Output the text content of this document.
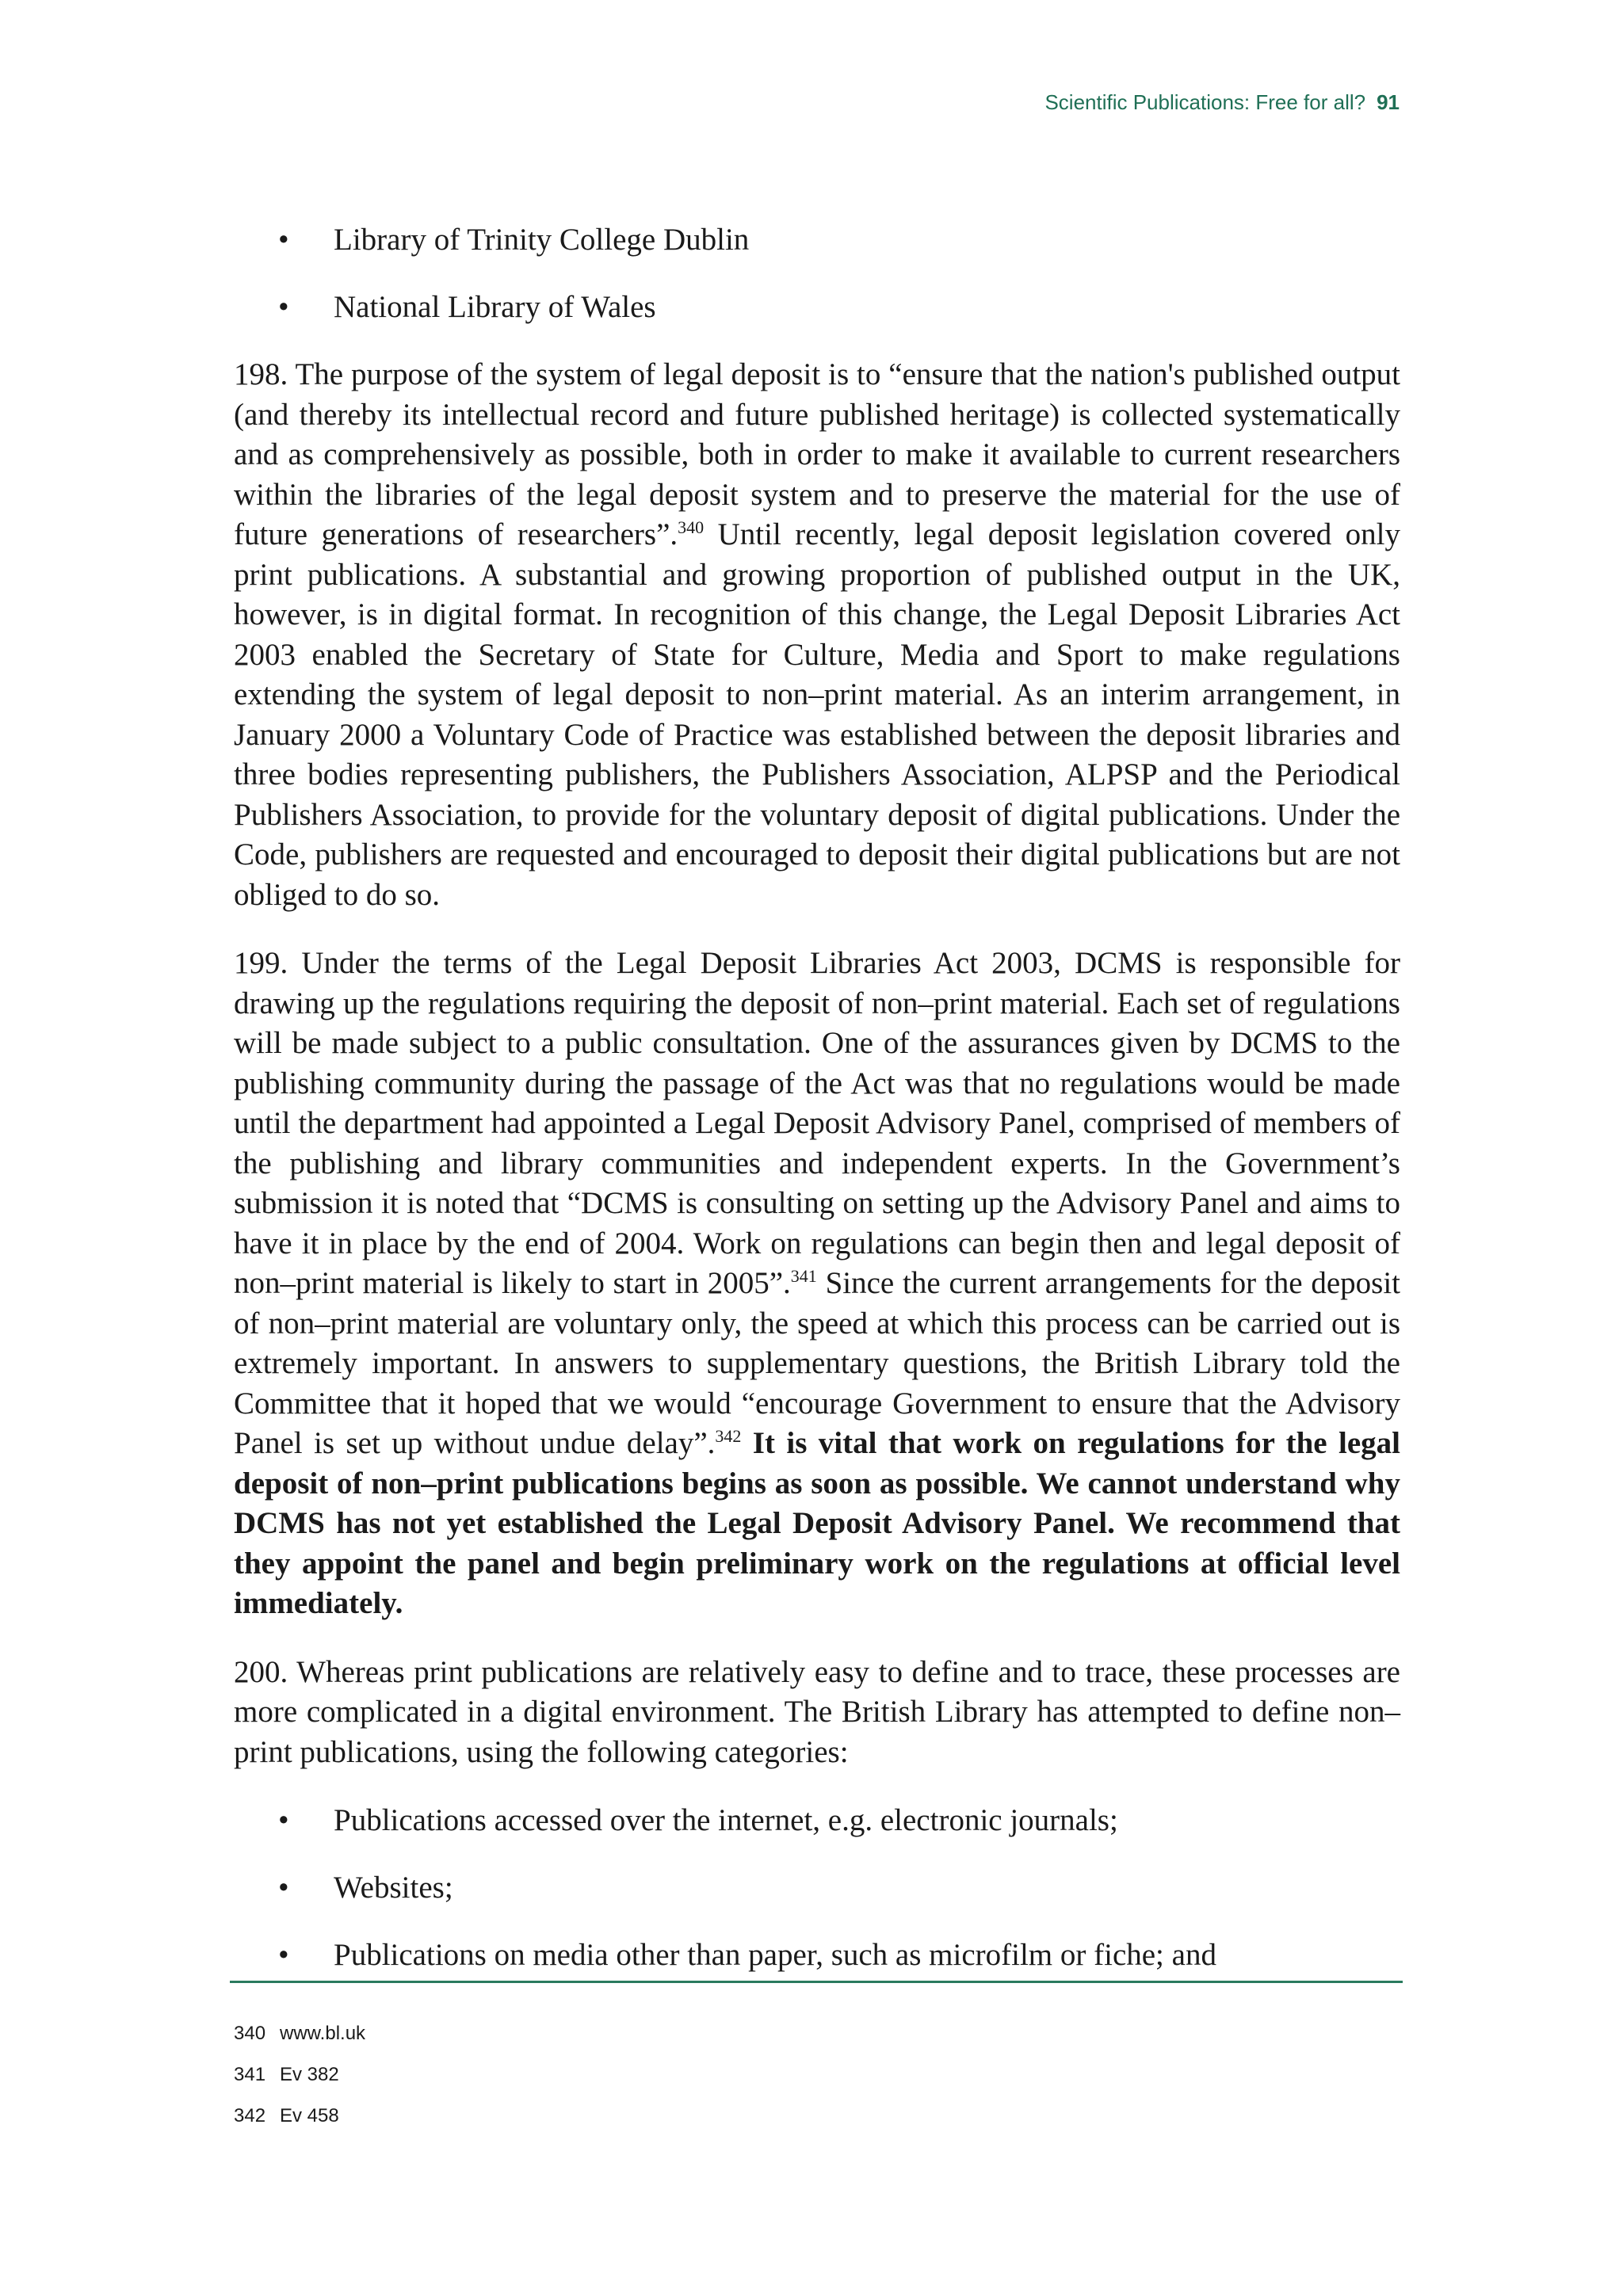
Scientific Publications: Free for all? 91
• Library of Trinity College Dublin
• National Library of Wales

198. The purpose of the system of legal deposit is to “ensure that the nation's published output (and thereby its intellectual record and future published heritage) is collected systematically and as comprehensively as possible, both in order to make it available to current researchers within the libraries of the legal deposit system and to preserve the material for the use of future generations of researchers”.$^{340}$ Until recently, legal deposit legislation covered only print publications. A substantial and growing proportion of published output in the UK, however, is in digital format. In recognition of this change, the Legal Deposit Libraries Act 2003 enabled the Secretary of State for Culture, Media and Sport to make regulations extending the system of legal deposit to non–print material. As an interim arrangement, in January 2000 a Voluntary Code of Practice was established between the deposit libraries and three bodies representing publishers, the Publishers Association, ALPSP and the Periodical Publishers Association, to provide for the voluntary deposit of digital publications. Under the Code, publishers are requested and encouraged to deposit their digital publications but are not obliged to do so.

199. Under the terms of the Legal Deposit Libraries Act 2003, DCMS is responsible for drawing up the regulations requiring the deposit of non–print material. Each set of regulations will be made subject to a public consultation. One of the assurances given by DCMS to the publishing community during the passage of the Act was that no regulations would be made until the department had appointed a Legal Deposit Advisory Panel, comprised of members of the publishing and library communities and independent experts. In the Government’s submission it is noted that “DCMS is consulting on setting up the Advisory Panel and aims to have it in place by the end of 2004. Work on regulations can begin then and legal deposit of non–print material is likely to start in 2005”.$^{341}$ Since the current arrangements for the deposit of non–print material are voluntary only, the speed at which this process can be carried out is extremely important. In answers to supplementary questions, the British Library told the Committee that it hoped that we would “encourage Government to ensure that the Advisory Panel is set up without undue delay”.$^{342}$ It is vital that work on regulations for the legal deposit of non–print publications begins as soon as possible. We cannot understand why DCMS has not yet established the Legal Deposit Advisory Panel. We recommend that they appoint the panel and begin preliminary work on the regulations at official level immediately.

200. Whereas print publications are relatively easy to define and to trace, these processes are more complicated in a digital environment. The British Library has attempted to define non–print publications, using the following categories:

• Publications accessed over the internet, e.g. electronic journals;
• Websites;
• Publications on media other than paper, such as microfilm or fiche; and
340 www.bl.uk
341 Ev 382
342 Ev 458
